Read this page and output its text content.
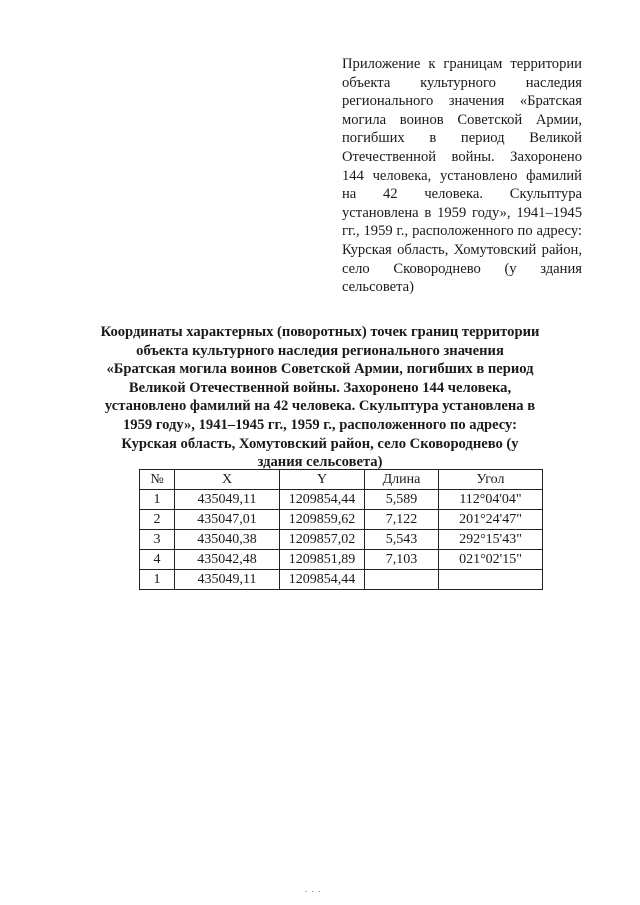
Приложение к границам территории объекта культурного наследия регионального значения «Братская могила воинов Советской Армии, погибших в период Великой Отечественной войны. Захоронено 144 человека, установлено фамилий на 42 человека. Скульптура установлена в 1959 году», 1941–1945 гг., 1959 г., расположенного по адресу: Курская область, Хомутовский район, село Сковороднево (у здания сельсовета)
Координаты характерных (поворотных) точек границ территории объекта культурного наследия регионального значения «Братская могила воинов Советской Армии, погибших в период Великой Отечественной войны. Захоронено 144 человека, установлено фамилий на 42 человека. Скульптура установлена в 1959 году», 1941–1945 гг., 1959 г., расположенного по адресу: Курская область, Хомутовский район, село Сковороднево (у здания сельсовета)
№	X	Y	Длина	Угол
1	435049,11	1209854,44	5,589	112°04'04"
2	435047,01	1209859,62	7,122	201°24'47"
3	435040,38	1209857,02	5,543	292°15'43"
4	435042,48	1209851,89	7,103	021°02'15"
1	435049,11	1209854,44		
. . .
